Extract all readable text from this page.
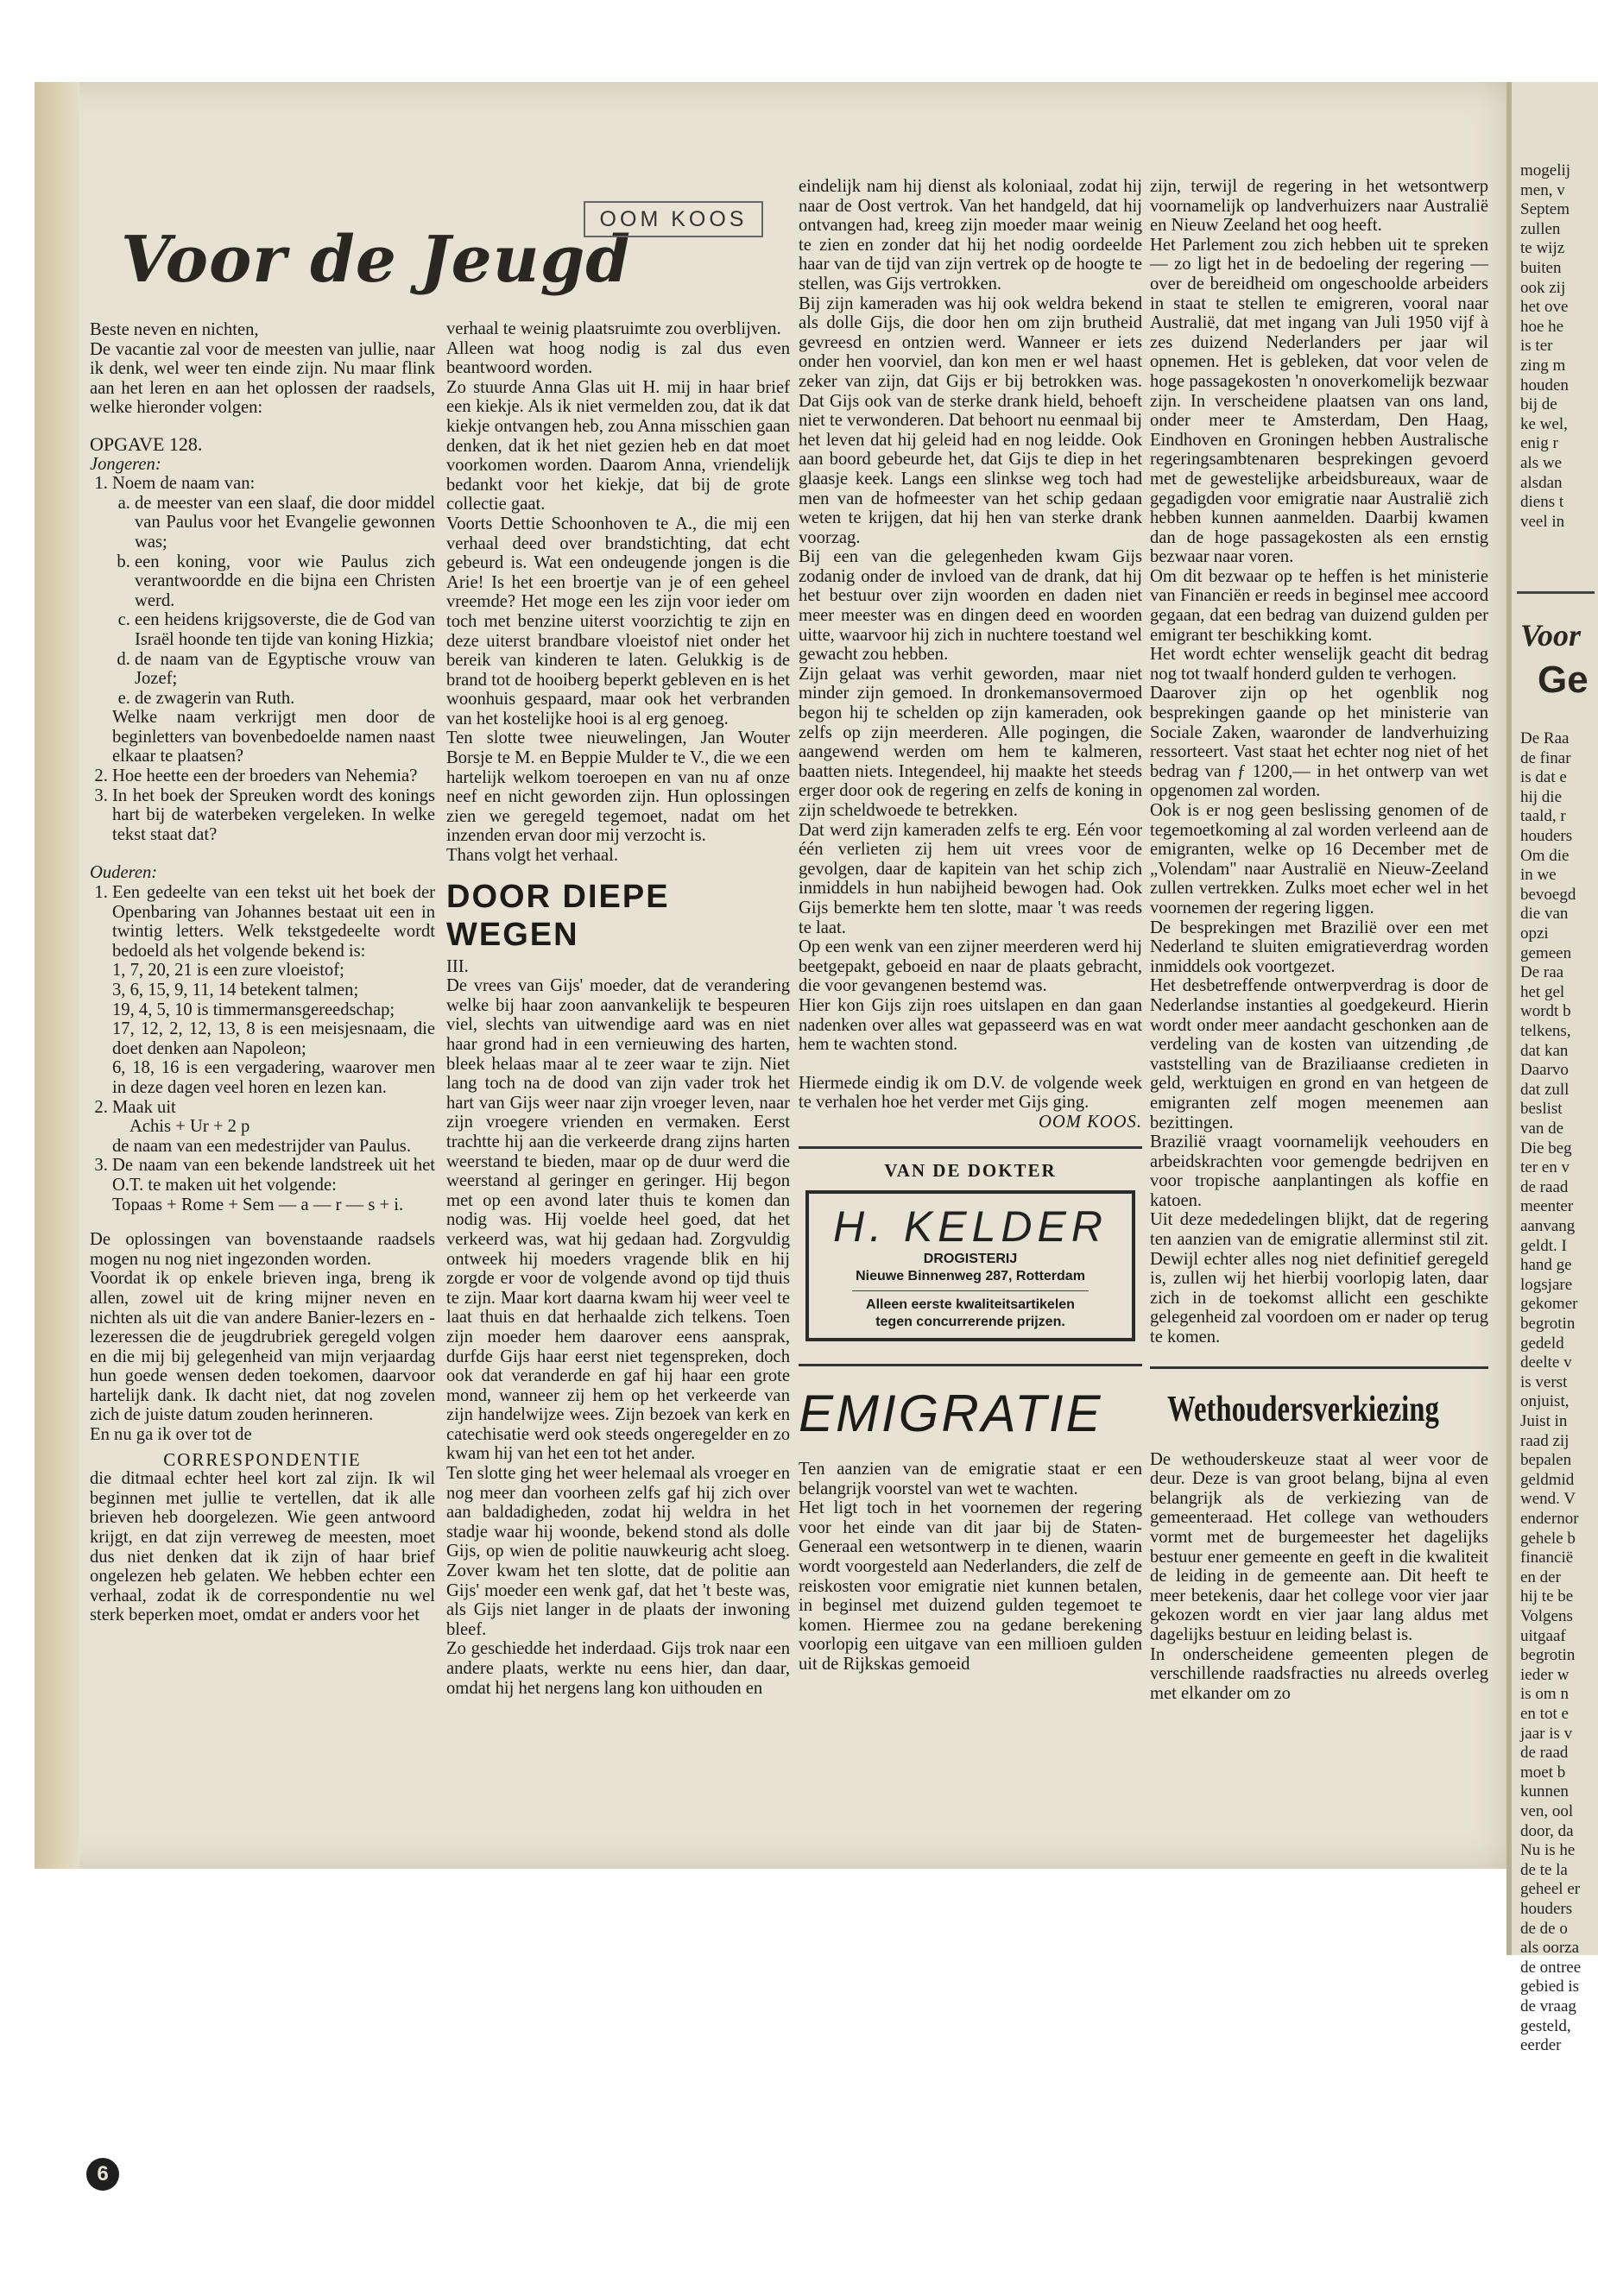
Voor de Jeugd
OOM KOOS

Beste neven en nichten,

De vacantie zal voor de meesten van jullie, naar ik denk, wel weer ten einde zijn. Nu maar flink aan het leren en aan het oplossen der raadsels, welke hieronder volgen:

OPGAVE 128.

Jongeren:

1. Noem de naam van:
a. de meester van een slaaf, die door middel van Paulus voor het Evangelie gewonnen was;
b. een koning, voor wie Paulus zich verantwoordde en die bijna een Christen werd.
c. een heidens krijgsoverste, die de God van Israël hoonde ten tijde van koning Hizkia;
d. de naam van de Egyptische vrouw van Jozef;
e. de zwagerin van Ruth.

Welke naam verkrijgt men door de beginletters van bovenbedoelde namen naast elkaar te plaatsen?

2. Hoe heette een der broeders van Nehemia?
3. In het boek der Spreuken wordt des konings hart bij de waterbeken vergeleken. In welke tekst staat dat?

Ouderen:

1. Een gedeelte van een tekst uit het boek der Openbaring van Johannes bestaat uit een in twintig letters. Welk tekstgedeelte wordt bedoeld als het volgende bekend is:

1, 7, 20, 21 is een zure vloeistof;

3, 6, 15, 9, 11, 14 betekent talmen;

19, 4, 5, 10 is timmermansgereedschap;

17, 12, 2, 12, 13, 8 is een meisjesnaam, die doet denken aan Napoleon;

6, 18, 16 is een vergadering, waarover men in deze dagen veel horen en lezen kan.

2. Maak uit

Achis + Ur + 2 p

de naam van een medestrijder van Paulus.

3. De naam van een bekende landstreek uit het O.T. te maken uit het volgende:

Topaas + Rome + Sem — a — r — s + i.

De oplossingen van bovenstaande raadsels mogen nu nog niet ingezonden worden.

Voordat ik op enkele brieven inga, breng ik allen, zowel uit de kring mijner neven en nichten als uit die van andere Banier-lezers en -lezeressen die de jeugdrubriek geregeld volgen en die mij bij gelegenheid van mijn verjaardag hun goede wensen deden toekomen, daarvoor hartelijk dank. Ik dacht niet, dat nog zovelen zich de juiste datum zouden herinneren.

En nu ga ik over tot de

CORRESPONDENTIE

die ditmaal echter heel kort zal zijn. Ik wil beginnen met jullie te vertellen, dat ik alle brieven heb doorgelezen. Wie geen antwoord krijgt, en dat zijn verreweg de meesten, moet dus niet denken dat ik zijn of haar brief ongelezen heb gelaten. We hebben echter een verhaal, zodat ik de correspondentie nu wel sterk beperken moet, omdat er anders voor het

verhaal te weinig plaatsruimte zou overblijven.

Alleen wat hoog nodig is zal dus even beantwoord worden.

Zo stuurde Anna Glas uit H. mij in haar brief een kiekje. Als ik niet vermelden zou, dat ik dat kiekje ontvangen heb, zou Anna misschien gaan denken, dat ik het niet gezien heb en dat moet voorkomen worden. Daarom Anna, vriendelijk bedankt voor het kiekje, dat bij de grote collectie gaat.

Voorts Dettie Schoonhoven te A., die mij een verhaal deed over brandstichting, dat echt gebeurd is. Wat een ondeugende jongen is die Arie! Is het een broertje van je of een geheel vreemde? Het moge een les zijn voor ieder om toch met benzine uiterst voorzichtig te zijn en deze uiterst brandbare vloeistof niet onder het bereik van kinderen te laten. Gelukkig is de brand tot de hooiberg beperkt gebleven en is het woonhuis gespaard, maar ook het verbranden van het kostelijke hooi is al erg genoeg.

Ten slotte twee nieuwelingen, Jan Wouter Borsje te M. en Beppie Mulder te V., die we een hartelijk welkom toeroepen en van nu af onze neef en nicht geworden zijn. Hun oplossingen zien we geregeld tegemoet, nadat om het inzenden ervan door mij verzocht is.

Thans volgt het verhaal.

DOOR DIEPE WEGEN

III.

De vrees van Gijs' moeder, dat de verandering welke bij haar zoon aanvankelijk te bespeuren viel, slechts van uitwendige aard was en niet haar grond had in een vernieuwing des harten, bleek helaas maar al te zeer waar te zijn. Niet lang toch na de dood van zijn vader trok het hart van Gijs weer naar zijn vroeger leven, naar zijn vroegere vrienden en vermaken. Eerst trachtte hij aan die verkeerde drang zijns harten weerstand te bieden, maar op de duur werd die weerstand al geringer en geringer. Hij begon met op een avond later thuis te komen dan nodig was. Hij voelde heel goed, dat het verkeerd was, wat hij gedaan had. Zorgvuldig ontweek hij moeders vragende blik en hij zorgde er voor de volgende avond op tijd thuis te zijn. Maar kort daarna kwam hij weer veel te laat thuis en dat herhaalde zich telkens. Toen zijn moeder hem daarover eens aansprak, durfde Gijs haar eerst niet tegenspreken, doch ook dat veranderde en gaf hij haar een grote mond, wanneer zij hem op het verkeerde van zijn handelwijze wees. Zijn bezoek van kerk en catechisatie werd ook steeds ongeregelder en zo kwam hij van het een tot het ander.

Ten slotte ging het weer helemaal als vroeger en nog meer dan voorheen zelfs gaf hij zich over aan baldadigheden, zodat hij weldra in het stadje waar hij woonde, bekend stond als dolle Gijs, op wien de politie nauwkeurig acht sloeg. Zover kwam het ten slotte, dat de politie aan Gijs' moeder een wenk gaf, dat het 't beste was, als Gijs niet langer in de plaats der inwoning bleef.

Zo geschiedde het inderdaad. Gijs trok naar een andere plaats, werkte nu eens hier, dan daar, omdat hij het nergens lang kon uithouden en

eindelijk nam hij dienst als koloniaal, zodat hij naar de Oost vertrok. Van het handgeld, dat hij ontvangen had, kreeg zijn moeder maar weinig te zien en zonder dat hij het nodig oordeelde haar van de tijd van zijn vertrek op de hoogte te stellen, was Gijs vertrokken.

Bij zijn kameraden was hij ook weldra bekend als dolle Gijs, die door hen om zijn brutheid gevreesd en ontzien werd. Wanneer er iets onder hen voorviel, dan kon men er wel haast zeker van zijn, dat Gijs er bij betrokken was. Dat Gijs ook van de sterke drank hield, behoeft niet te verwonderen. Dat behoort nu eenmaal bij het leven dat hij geleid had en nog leidde. Ook aan boord gebeurde het, dat Gijs te diep in het glaasje keek. Langs een slinkse weg toch had men van de hofmeester van het schip gedaan weten te krijgen, dat hij hen van sterke drank voorzag.

Bij een van die gelegenheden kwam Gijs zodanig onder de invloed van de drank, dat hij het bestuur over zijn woorden en daden niet meer meester was en dingen deed en woorden uitte, waarvoor hij zich in nuchtere toestand wel gewacht zou hebben.

Zijn gelaat was verhit geworden, maar niet minder zijn gemoed. In dronkemansovermoed begon hij te schelden op zijn kameraden, ook zelfs op zijn meerderen. Alle pogingen, die aangewend werden om hem te kalmeren, baatten niets. Integendeel, hij maakte het steeds erger door ook de regering en zelfs de koning in zijn scheldwoede te betrekken.

Dat werd zijn kameraden zelfs te erg. Eén voor één verlieten zij hem uit vrees voor de gevolgen, daar de kapitein van het schip zich inmiddels in hun nabijheid bewogen had. Ook Gijs bemerkte hem ten slotte, maar 't was reeds te laat.

Op een wenk van een zijner meerderen werd hij beetgepakt, geboeid en naar de plaats gebracht, die voor gevangenen bestemd was.

Hier kon Gijs zijn roes uitslapen en dan gaan nadenken over alles wat gepasseerd was en wat hem te wachten stond.

Hiermede eindig ik om D.V. de volgende week te verhalen hoe het verder met Gijs ging.

OOM KOOS.

VAN DE DOKTER
H. KELDER
DROGISTERIJ
Nieuwe Binnenweg 287, Rotterdam
Alleen eerste kwaliteitsartikelen
tegen concurrerende prijzen.
EMIGRATIE

Ten aanzien van de emigratie staat er een belangrijk voorstel van wet te wachten.

Het ligt toch in het voornemen der regering voor het einde van dit jaar bij de Staten-Generaal een wetsontwerp in te dienen, waarin wordt voorgesteld aan Nederlanders, die zelf de reiskosten voor emigratie niet kunnen betalen, in beginsel met duizend gulden tegemoet te komen. Hiermee zou na gedane berekening voorlopig een uitgave van een millioen gulden uit de Rijkskas gemoeid

zijn, terwijl de regering in het wetsontwerp voornamelijk op landverhuizers naar Australië en Nieuw Zeeland het oog heeft.

Het Parlement zou zich hebben uit te spreken — zo ligt het in de bedoeling der regering — over de bereidheid om ongeschoolde arbeiders in staat te stellen te emigreren, vooral naar Australië, dat met ingang van Juli 1950 vijf à zes duizend Nederlanders per jaar wil opnemen. Het is gebleken, dat voor velen de hoge passagekosten 'n onoverkomelijk bezwaar zijn. In verscheidene plaatsen van ons land, onder meer te Amsterdam, Den Haag, Eindhoven en Groningen hebben Australische regeringsambtenaren besprekingen gevoerd met de gewestelijke arbeidsbureaux, waar de gegadigden voor emigratie naar Australië zich hebben kunnen aanmelden. Daarbij kwamen dan de hoge passagekosten als een ernstig bezwaar naar voren.

Om dit bezwaar op te heffen is het ministerie van Financiën er reeds in beginsel mee accoord gegaan, dat een bedrag van duizend gulden per emigrant ter beschikking komt.

Het wordt echter wenselijk geacht dit bedrag nog tot twaalf honderd gulden te verhogen.

Daarover zijn op het ogenblik nog besprekingen gaande op het ministerie van Sociale Zaken, waaronder de landverhuizing ressorteert. Vast staat het echter nog niet of het bedrag van ƒ 1200,— in het ontwerp van wet opgenomen zal worden.

Ook is er nog geen beslissing genomen of de tegemoetkoming al zal worden verleend aan de emigranten, welke op 16 December met de „Volendam" naar Australië en Nieuw-Zeeland zullen vertrekken. Zulks moet echer wel in het voornemen der regering liggen.

De besprekingen met Brazilië over een met Nederland te sluiten emigratieverdrag worden inmiddels ook voortgezet.

Het desbetreffende ontwerpverdrag is door de Nederlandse instanties al goedgekeurd. Hierin wordt onder meer aandacht geschonken aan de verdeling van de kosten van uitzending ,de vaststelling van de Braziliaanse credieten in geld, werktuigen en grond en van hetgeen de emigranten zelf mogen meenemen aan bezittingen.

Brazilië vraagt voornamelijk veehouders en arbeidskrachten voor gemengde bedrijven en voor tropische aanplantingen als koffie en katoen.

Uit deze mededelingen blijkt, dat de regering ten aanzien van de emigratie allerminst stil zit. Dewijl echter alles nog niet definitief geregeld is, zullen wij het hierbij voorlopig laten, daar zich in de toekomst allicht een geschikte gelegenheid zal voordoen om er nader op terug te komen.

Wethoudersverkiezing

De wethouderskeuze staat al weer voor de deur. Deze is van groot belang, bijna al even belangrijk als de verkiezing van de gemeenteraad. Het college van wethouders vormt met de burgemeester het dagelijks bestuur ener gemeente en geeft in die kwaliteit de leiding in de gemeente aan. Dit heeft te meer betekenis, daar het college voor vier jaar gekozen wordt en vier jaar lang aldus met dagelijks bestuur en leiding belast is.

In onderscheidene gemeenten plegen de verschillende raadsfracties nu alreeds overleg met elkander om zo

6
mogelij
men, v
Septem
zullen
te wijz
buiten
ook zij
het ove
hoe he
is ter
zing m
houden
bij de
ke wel,
enig r
als we
alsdan
diens t
veel in
Voor
Ge
De Raa
de finar
is dat e
hij die
taald, r
houders
Om die
in we
bevoegd
die van
opzi
gemeen
De raa
het gel
wordt b
telkens,
dat kan
Daarvo
dat zull
beslist
van de
Die beg
ter en v
de raad
meenter
aanvang
geldt. I
hand ge
logsjare
gekomer
begrotin
gedeld
deelte v
is verst
onjuist,
Juist in
raad zij
bepalen
geldmid
wend. V
endernor
gehele b
financië
en der
hij te be
Volgens
uitgaaf
begrotin
ieder w
is om n
en tot e
jaar is v
de raad
moet b
kunnen
ven, ool
door, da
Nu is he
de te la
geheel er
houders
de de o
als oorza
de ontree
gebied is
de vraag
gesteld,
eerder
